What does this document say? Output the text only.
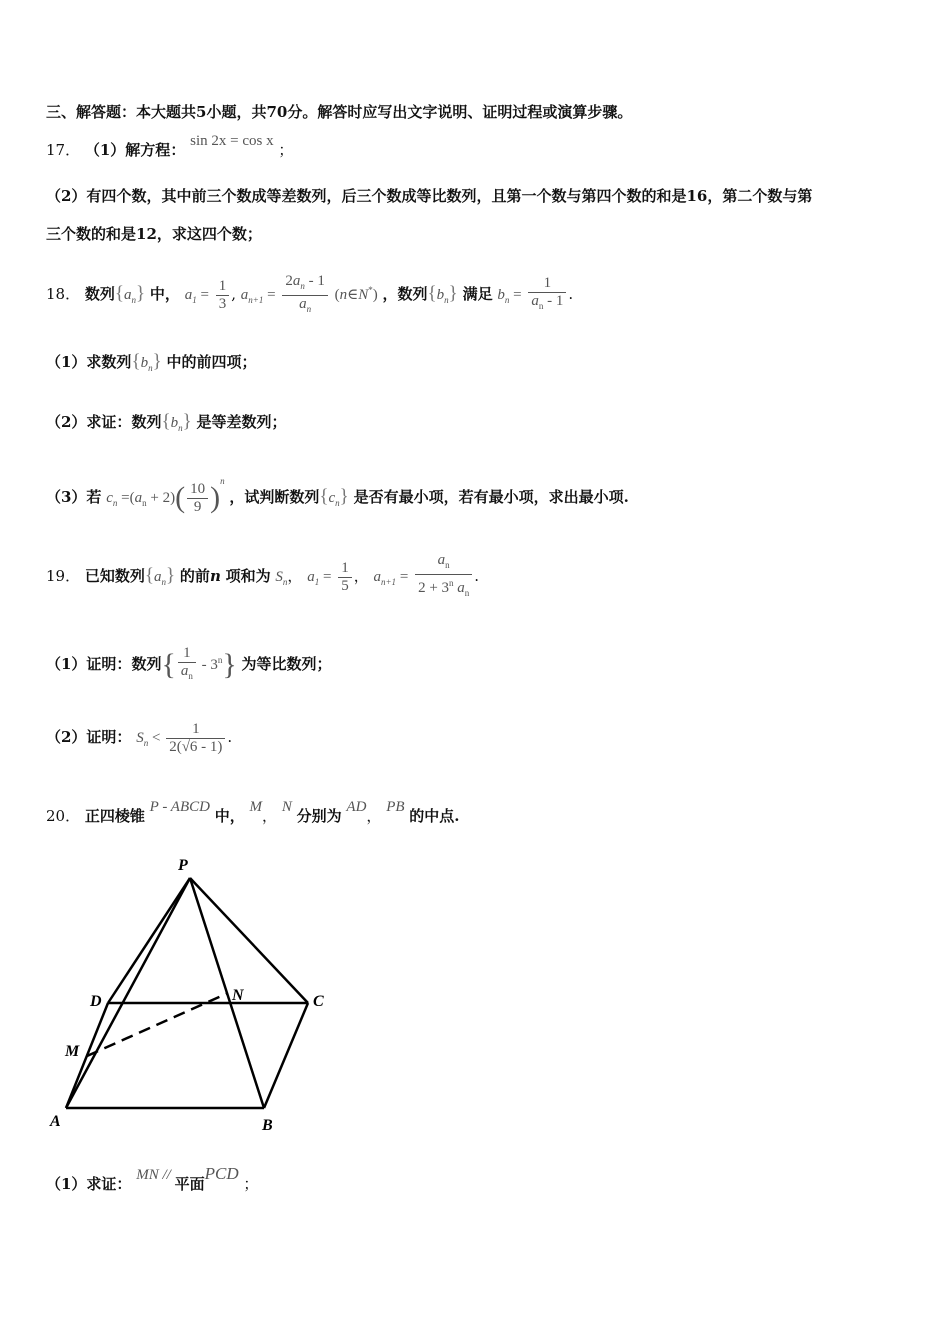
三、解答题：本大题共5小题，共70分。解答时应写出文字说明、证明过程或演算步骤。
17． （1）解方程： sin 2x = cos x ；
（2）有四个数，其中前三个数成等差数列，后三个数成等比数列，且第一个数与第四个数的和是16，第二个数与第
三个数的和是12，求这四个数；
18． 数列$\{a_n\}$ 中， $a_1 = \frac{1}{3}$ , $a_{n+1} = \frac{2a_n - 1}{a_n}$ (n∈N*) ，数列$\{b_n\}$ 满足 $b_n = \frac{1}{a_n - 1}$ .
（1）求数列$\{b_n\}$ 中的前四项；
（2）求证：数列$\{b_n\}$ 是等差数列；
（3）若 $c_n =(a_n + 2)( \frac{10}{9} )^n$ ，试判断数列$\{c_n\}$ 是否有最小项，若有最小项，求出最小项.
19． 已知数列$\{a_n\}$ 的前n 项和为 $S_n$， $a_1 = \frac{1}{5}$ ， $a_{n+1} = \frac{a_n}{2 + 3^n a_n}$ .
（1）证明：数列{ $\frac{1}{a_n} - 3^n$} 为等比数列；
（2）证明： $S_n < \frac{1}{2(√6 - 1)}$ .
20． 正四棱锥 P - ABCD 中， M， N 分别为 AD， PB 的中点.
P
D	N	C
M
A	B
（1）求证： MN // 平面PCD ；
